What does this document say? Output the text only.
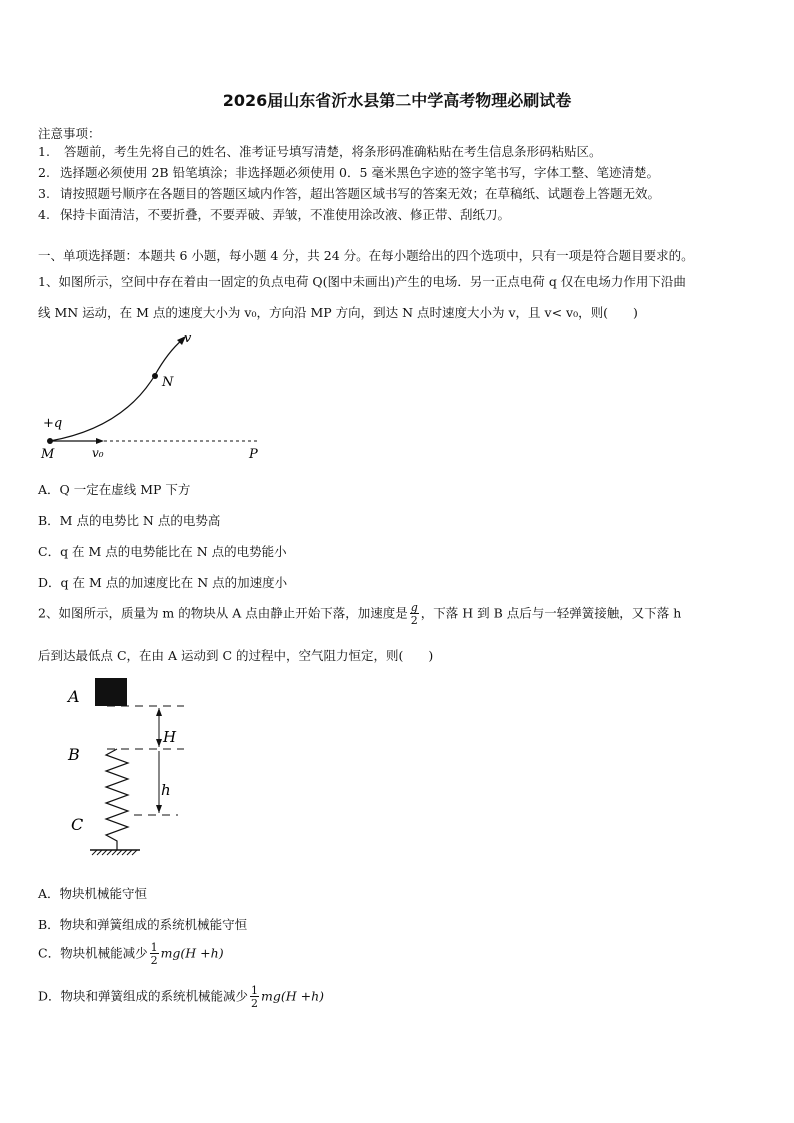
2026届山东省沂水县第二中学高考物理必刷试卷
注意事项：
1. 答题前，考生先将自己的姓名、准考证号填写清楚，将条形码准确粘贴在考生信息条形码粘贴区。
2. 选择题必须使用 2B 铅笔填涂；非选择题必须使用 0．5 毫米黑色字迹的签字笔书写，字体工整、笔迹清楚。
3. 请按照题号顺序在各题目的答题区域内作答，超出答题区域书写的答案无效；在草稿纸、试题卷上答题无效。
4. 保持卡面清洁，不要折叠，不要弄破、弄皱，不准使用涂改液、修正带、刮纸刀。
一、单项选择题：本题共 6 小题，每小题 4 分，共 24 分。在每小题给出的四个选项中，只有一项是符合题目要求的。
1、如图所示，空间中存在着由一固定的负点电荷 Q(图中未画出)产生的电场．另一正点电荷 q 仅在电场力作用下沿曲
线 MN 运动，在 M 点的速度大小为 v₀，方向沿 MP 方向，到达 N 点时速度大小为 v，且 v< v₀，则(　　)
v
N
+q
M	v₀	P
A．Q 一定在虚线 MP 下方
B．M 点的电势比 N 点的电势高
C．q 在 M 点的电势能比在 N 点的电势能小
D．q 在 M 点的加速度比在 N 点的加速度小
2、如图所示，质量为 m 的物块从 A 点由静止开始下落，加速度是 $\frac{g}{2}$ ，下落 H 到 B 点后与一轻弹簧接触，又下落 h
后到达最低点 C，在由 A 运动到 C 的过程中，空气阻力恒定，则(　　)
A
B
C
H
h
A．物块机械能守恒
B．物块和弹簧组成的系统机械能守恒
C．物块机械能减少 $\frac{1}{2} mg(H +h)$
D．物块和弹簧组成的系统机械能减少 $\frac{1}{2} mg(H +h)$
